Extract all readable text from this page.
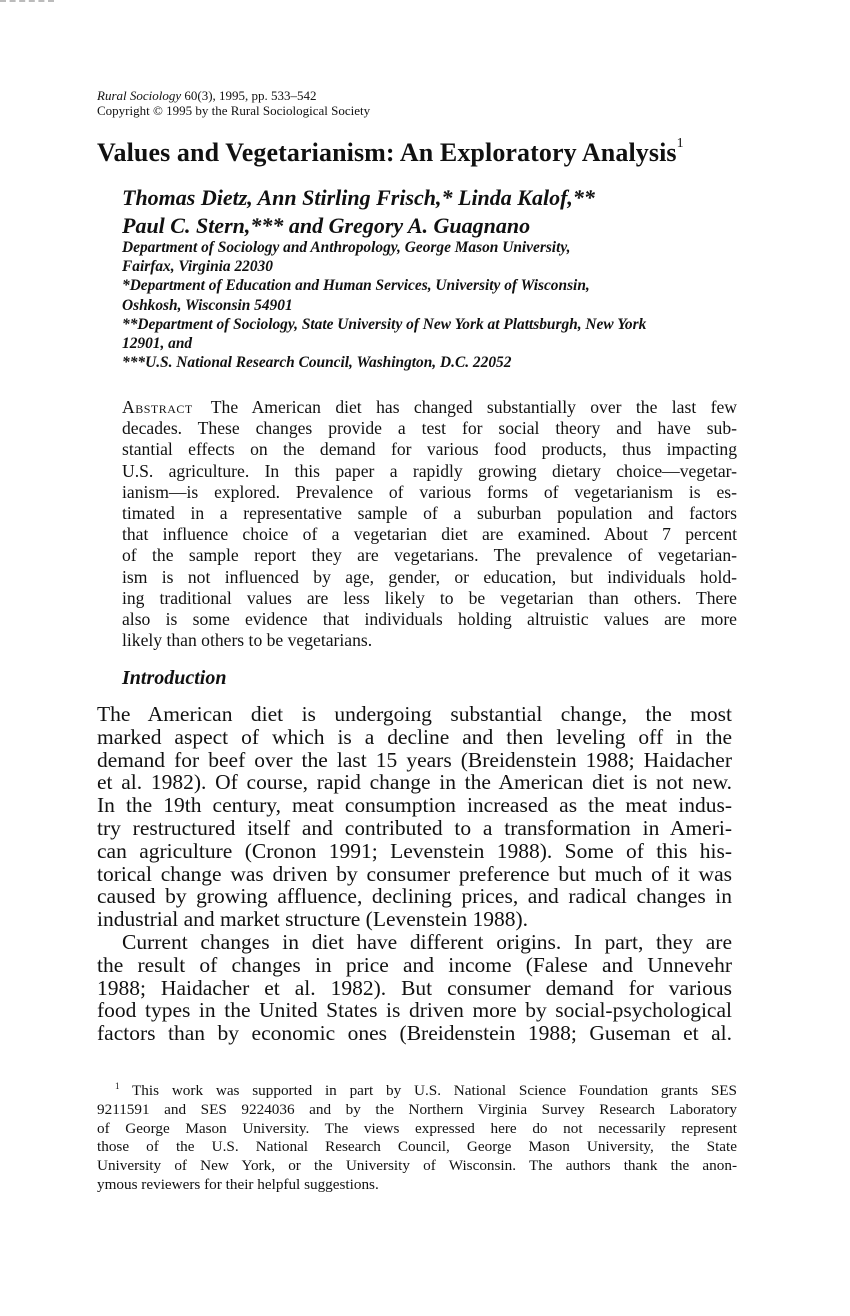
Rural Sociology 60(3), 1995, pp. 533–542
Copyright © 1995 by the Rural Sociological Society
Values and Vegetarianism: An Exploratory Analysis$^1$
Thomas Dietz, Ann Stirling Frisch,* Linda Kalof,**
Paul C. Stern,*** and Gregory A. Guagnano
Department of Sociology and Anthropology, George Mason University,
Fairfax, Virginia 22030
*Department of Education and Human Services, University of Wisconsin,
Oshkosh, Wisconsin 54901
**Department of Sociology, State University of New York at Plattsburgh, New York
12901, and
***U.S. National Research Council, Washington, D.C. 22052
Abstract The American diet has changed substantially over the last few
decades. These changes provide a test for social theory and have sub-
stantial effects on the demand for various food products, thus impacting
U.S. agriculture. In this paper a rapidly growing dietary choice—vegetar-
ianism—is explored. Prevalence of various forms of vegetarianism is es-
timated in a representative sample of a suburban population and factors
that influence choice of a vegetarian diet are examined. About 7 percent
of the sample report they are vegetarians. The prevalence of vegetarian-
ism is not influenced by age, gender, or education, but individuals hold-
ing traditional values are less likely to be vegetarian than others. There
also is some evidence that individuals holding altruistic values are more
likely than others to be vegetarians.
Introduction

The American diet is undergoing substantial change, the most
marked aspect of which is a decline and then leveling off in the
demand for beef over the last 15 years (Breidenstein 1988; Haidacher
et al. 1982). Of course, rapid change in the American diet is not new.
In the 19th century, meat consumption increased as the meat indus-
try restructured itself and contributed to a transformation in Ameri-
can agriculture (Cronon 1991; Levenstein 1988). Some of this his-
torical change was driven by consumer preference but much of it was
caused by growing affluence, declining prices, and radical changes in
industrial and market structure (Levenstein 1988).

Current changes in diet have different origins. In part, they are
the result of changes in price and income (Falese and Unnevehr
1988; Haidacher et al. 1982). But consumer demand for various
food types in the United States is driven more by social-psychological
factors than by economic ones (Breidenstein 1988; Guseman et al.

$^1$ This work was supported in part by U.S. National Science Foundation grants SES
9211591 and SES 9224036 and by the Northern Virginia Survey Research Laboratory
of George Mason University. The views expressed here do not necessarily represent
those of the U.S. National Research Council, George Mason University, the State
University of New York, or the University of Wisconsin. The authors thank the anon-
ymous reviewers for their helpful suggestions.
